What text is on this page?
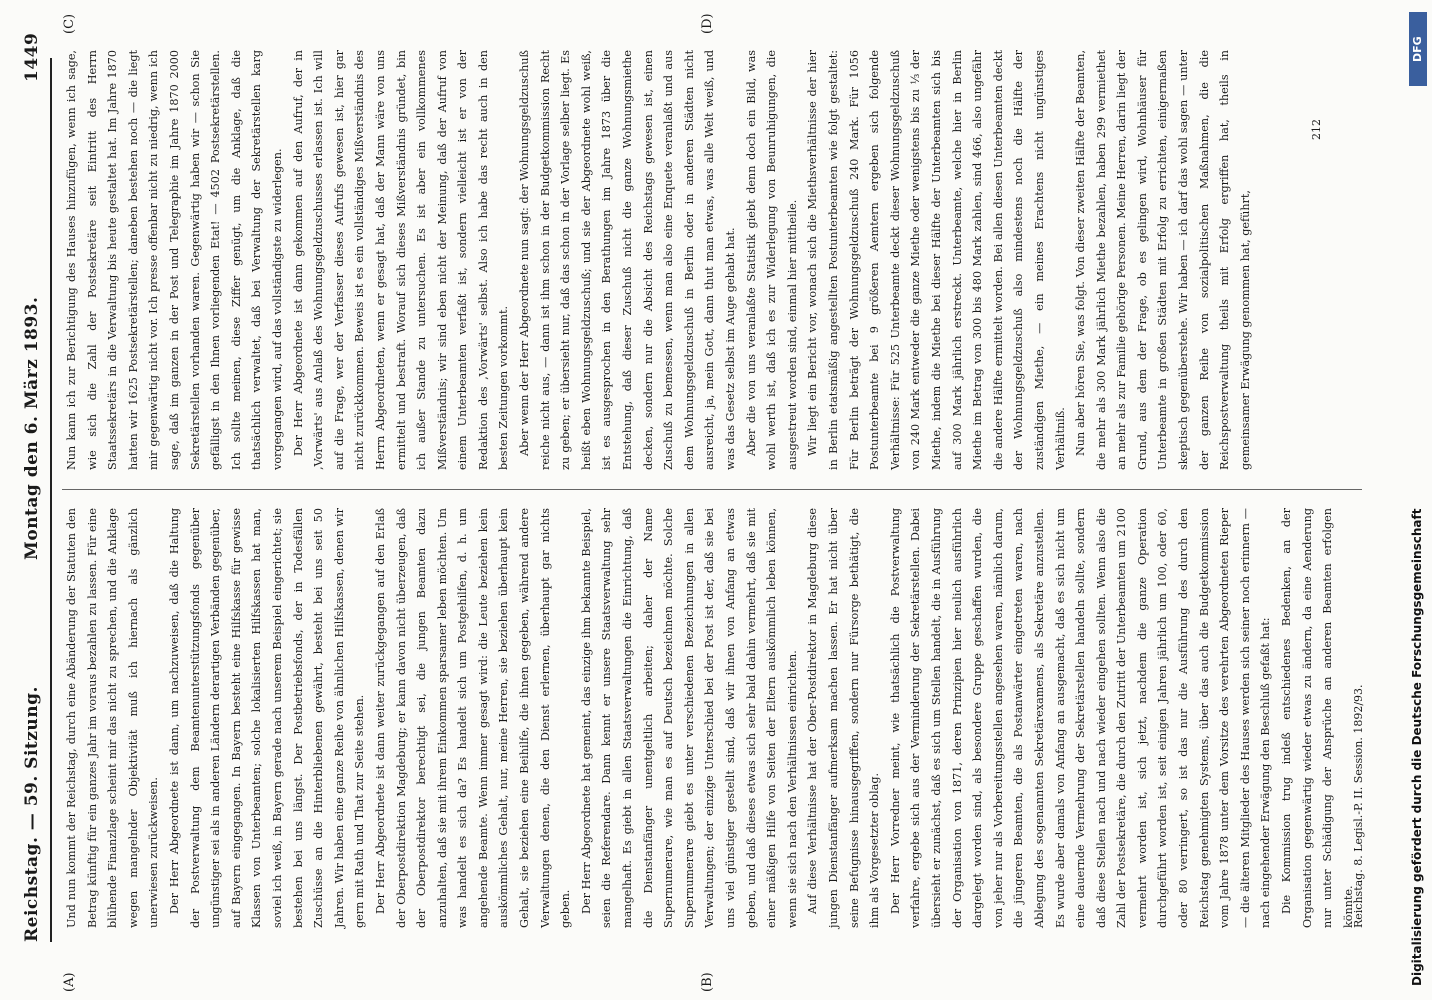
Reichstag. — 59. Sitzung.
Montag den 6. März 1893.
1449
(A)	(B)
(C)	(D)

Und nun kommt der Reichstag, durch eine Abänderung der Statuten den Betrag künftig für ein ganzes Jahr im voraus bezahlen zu lassen. Für eine blühende Finanzlage scheint mir das nicht zu sprechen, und die Anklage wegen mangelnder Objektivität muß ich hiernach als gänzlich unerwiesen zurückweisen. Der Herr Abgeordnete ist dann, um nachzuweisen, daß die Haltung der Postverwaltung dem Beamtenunterstützungsfonds gegenüber ungünstiger sei als in anderen Ländern derartigen Verbänden gegenüber, auf Bayern eingegangen. In Bayern besteht eine Hilfskasse für gewisse Klassen von Unterbeamten; solche lokalisierten Hilfskassen hat man, soviel ich weiß, in Bayern gerade nach unserem Beispiel eingerichtet; sie bestehen bei uns längst. Der Postbetriebsfonds, der in Todesfällen Zuschüsse an die Hinterbliebenen gewährt, besteht bei uns seit 50 Jahren. Wir haben eine ganze Reihe von ähnlichen Hilfskassen, denen wir gern mit Rath und That zur Seite stehen. Der Herr Abgeordnete ist dann weiter zurückgegangen auf den Erlaß der Oberpostdirektion Magdeburg; er kann davon nicht überzeugen, daß der Oberpostdirektor berechtigt sei, die jungen Beamten dazu anzuhalten, daß sie mit ihrem Einkommen sparsamer leben möchten. Um was handelt es sich da? Es handelt sich um Postgehilfen, d. h. um angehende Beamte. Wenn immer gesagt wird: die Leute beziehen kein auskömmliches Gehalt, nur, meine Herren, sie beziehen überhaupt kein Gehalt, sie beziehen eine Beihilfe, die ihnen gegeben, während andere Verwaltungen denen, die den Dienst erlernen, überhaupt gar nichts geben. Der Herr Abgeordnete hat gemeint, das einzige ihm bekannte Beispiel, seien die Referendare. Dann kennt er unsere Staatsverwaltung sehr mangelhaft. Es giebt in allen Staatsverwaltungen die Einrichtung, daß die Dienstanfänger unentgeltlich arbeiten; daher der Name Supernumerare, wie man es auf Deutsch bezeichnen möchte. Solche Supernumerare giebt es unter verschiedenen Bezeichnungen in allen Verwaltungen; der einzige Unterschied bei der Post ist der, daß sie bei uns viel günstiger gestellt sind, daß wir ihnen von Anfang an etwas geben, und daß dieses etwas sich sehr bald dahin vermehrt, daß sie mit einer mäßigen Hilfe von Seiten der Eltern auskömmlich leben können, wenn sie sich nach den Verhältnissen einrichten. Auf diese Verhältnisse hat der Ober-Postdirektor in Magdeburg diese jungen Dienstanfänger aufmerksam machen lassen. Er hat nicht über seine Befugnisse hinausgegriffen, sondern nur Fürsorge bethätigt, die ihm als Vorgesetzter oblag. Der Herr Vorredner meint, wie thatsächlich die Postverwaltung verfahre, ergebe sich aus der Verminderung der Sekretärstellen. Dabei übersieht er zunächst, daß es sich um Stellen handelt, die in Ausführung der Organisation von 1871, deren Prinzipien hier neulich ausführlich dargelegt worden sind, als besondere Gruppe geschaffen wurden, die von jeher nur als Vorbereitungsstellen angesehen waren, nämlich darum, die jüngeren Beamten, die als Postanwärter eingetreten waren, nach Ablegung des sogenannten Sekretärexamens, als Sekretäre anzustellen. Es wurde aber damals von Anfang an ausgemacht, daß es sich nicht um eine dauernde Vermehrung der Sekretärstellen handeln sollte, sondern daß diese Stellen nach und nach wieder eingehen sollten. Wenn also die Zahl der Postsekretäre, die durch den Zutritt der Unterbeamten um 2100 vermehrt worden ist, sich jetzt, nachdem die ganze Operation durchgeführt worden ist, seit einigen Jahren jährlich um 100, oder 60, oder 80 verringert, so ist das nur die Ausführung des durch den Reichstag genehmigten Systems, über das auch die Budgetkommission vom Jahre 1878 unter dem Vorsitze des verehrten Abgeordneten Rieper — die älteren Mitglieder des Hauses werden sich seiner noch erinnern — nach eingehender Erwägung den Beschluß gefaßt hat: Die Kommission trug indeß entschiedenes Bedenken, an der Organisation gegenwärtig wieder etwas zu ändern, da eine Aenderung nur unter Schädigung der Ansprüche an anderen Beamten erfolgen könnte.

Nun kann ich zur Berichtigung des Hauses hinzufügen, wenn ich sage, wie sich die Zahl der Postsekretäre seit Eintritt des Herrn Staatssekretärs in die Verwaltung bis heute gestaltet hat. Im Jahre 1870 hatten wir 1625 Postsekretärstellen; daneben bestehen noch — die liegt mir gegenwärtig nicht vor. Ich presse offenbar nicht zu niedrig, wenn ich sage, daß im ganzen in der Post und Telegraphie im Jahre 1870 2000 Sekretärstellen vorhanden waren. Gegenwärtig haben wir — schon Sie gefälligst in den Ihnen vorliegenden Etat! — 4502 Postsekretärstellen. Ich sollte meinen, diese Ziffer genügt, um die Anklage, daß die thatsächlich verwaltet, daß bei Verwaltung der Sekretärstellen karg vorgegangen wird, auf das vollständigste zu widerlegen. Der Herr Abgeordnete ist dann gekommen auf den Aufruf, der in ‚Vorwärts' aus Anlaß des Wohnungsgeldzuschusses erlassen ist. Ich will auf die Frage, wer der Verfasser dieses Aufrufs gewesen ist, hier gar nicht zurückkommen. Beweis ist es ein vollständiges Mißverständnis des Herrn Abgeordneten, wenn er gesagt hat, daß der Mann wäre von uns ermittelt und bestraft. Worauf sich dieses Mißverständnis gründet, bin ich außer Stande zu untersuchen. Es ist aber ein vollkommenes Mißverständnis; wir sind eben nicht der Meinung, daß der Aufruf von einem Unterbeamten verfaßt ist, sondern vielleicht ist er von der Redaktion des ‚Vorwärts' selbst. Also ich habe das recht auch in den besten Zeitungen vorkommt. Aber wenn der Herr Abgeordnete nun sagt: der Wohnungsgeldzuschuß reiche nicht aus, — dann ist ihm schon in der Budgetkommission Recht zu geben; er übersieht nur, daß das schon in der Vorlage selber liegt. Es heißt eben Wohnungsgeldzuschuß; und sie der Abgeordnete wohl weiß, ist es ausgesprochen in den Berathungen im Jahre 1873 über die Entstehung, daß dieser Zuschuß nicht die ganze Wohnungsmiethe decken, sondern nur die Absicht des Reichstags gewesen ist, einen Zuschuß zu bemessen, wenn man also eine Enquete veranlaßt und aus dem Wohnungsgeldzuschuß in Berlin oder in anderen Städten nicht ausreicht, ja, mein Gott, dann thut man etwas, was alle Welt weiß, und was das Gesetz selbst im Auge gehabt hat. Aber die von uns veranlaßte Statistik giebt denn doch ein Bild, was wohl werth ist, daß ich es zur Widerlegung von Beunruhigungen, die ausgestreut worden sind, einmal hier mittheile. Wir liegt ein Bericht vor, wonach sich die Miethsverhältnisse der hier in Berlin etatsmäßig angestellten Postunterbeamten wie folgt gestaltet: Für Berlin beträgt der Wohnungsgeldzuschuß 240 Mark. Für 1056 Postunterbeamte bei 9 größeren Aemtern ergeben sich folgende Verhältnisse: Für 525 Unterbeamte deckt dieser Wohnungsgeldzuschuß von 240 Mark entweder die ganze Miethe oder wenigstens bis zu ⅓ der Miethe, indem die Miethe bei dieser Hälfte der Unterbeamten sich bis auf 300 Mark jährlich erstreckt. Unterbeamte, welche hier in Berlin Miethe im Betrag von 300 bis 480 Mark zahlen, sind 466, also ungefähr die andere Hälfte ermittelt worden. Bei allen diesen Unterbeamten deckt der Wohnungsgeldzuschuß also mindestens noch die Hälfte der zuständigen Miethe, — ein meines Erachtens nicht ungünstiges Verhältniß. Nun aber hören Sie, was folgt. Von dieser zweiten Hälfte der Beamten, die mehr als 300 Mark jährlich Miethe bezahlen, haben 299 vermiethet an mehr als zur Familie gehörige Personen. Meine Herren, darin liegt der Grund, aus dem der Frage, ob es gelingen wird, Wohnhäuser für Unterbeamte in großen Städten mit Erfolg zu errichten, einigermaßen skeptisch gegenüberstehe. Wir haben — ich darf das wohl sagen — unter der ganzen Reihe von sozialpolitischen Maßnahmen, die die Reichspostverwaltung theils mit Erfolg ergriffen hat, theils in gemeinsamer Erwägung genommen hat, geführt,

Reichstag. 8. Legisl.-P. II. Session. 1892/93.
212
DFG
Digitalisierung gefördert durch die Deutsche Forschungsgemeinschaft
